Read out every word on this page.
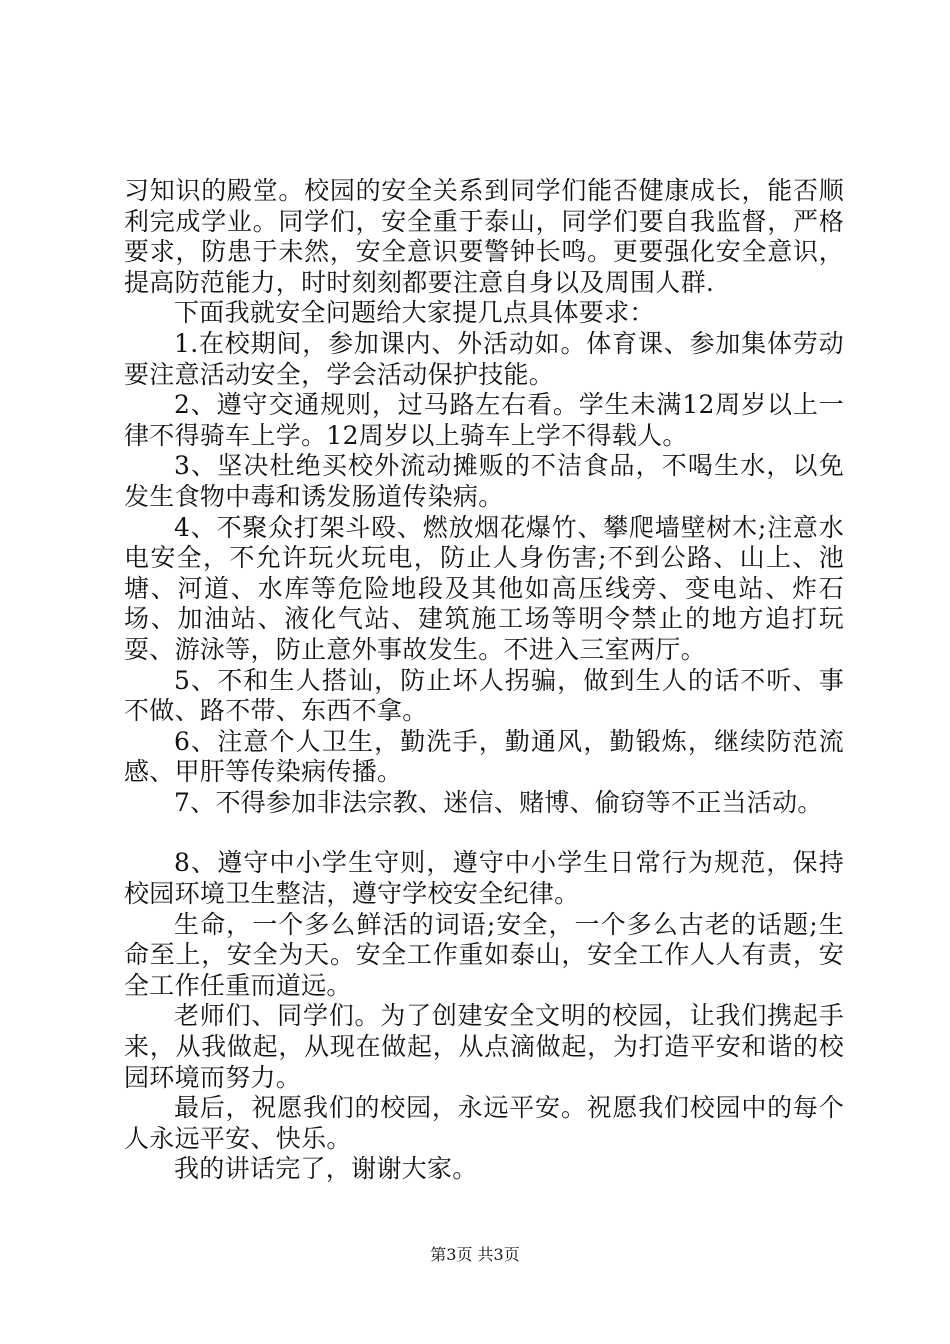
习知识的殿堂。校园的安全关系到同学们能否健康成长，能否顺利完成学业。同学们，安全重于泰山，同学们要自我监督，严格要求，防患于未然，安全意识要警钟长鸣。更要强化安全意识，提高防范能力，时时刻刻都要注意自身以及周围人群.

下面我就安全问题给大家提几点具体要求：

1.在校期间，参加课内、外活动如。体育课、参加集体劳动要注意活动安全，学会活动保护技能。

2、遵守交通规则，过马路左右看。学生未满12周岁以上一律不得骑车上学。12周岁以上骑车上学不得载人。

3、坚决杜绝买校外流动摊贩的不洁食品，不喝生水，以免发生食物中毒和诱发肠道传染病。

4、不聚众打架斗殴、燃放烟花爆竹、攀爬墙壁树木;注意水电安全，不允许玩火玩电，防止人身伤害;不到公路、山上、池塘、河道、水库等危险地段及其他如高压线旁、变电站、炸石场、加油站、液化气站、建筑施工场等明令禁止的地方追打玩耍、游泳等，防止意外事故发生。不进入三室两厅。

5、不和生人搭讪，防止坏人拐骗，做到生人的话不听、事不做、路不带、东西不拿。

6、注意个人卫生，勤洗手，勤通风，勤锻炼，继续防范流感、甲肝等传染病传播。

7、不得参加非法宗教、迷信、赌博、偷窃等不正当活动。

8、遵守中小学生守则，遵守中小学生日常行为规范，保持校园环境卫生整洁，遵守学校安全纪律。

生命，一个多么鲜活的词语;安全，一个多么古老的话题;生命至上，安全为天。安全工作重如泰山，安全工作人人有责，安全工作任重而道远。

老师们、同学们。为了创建安全文明的校园，让我们携起手来，从我做起，从现在做起，从点滴做起，为打造平安和谐的校园环境而努力。

最后，祝愿我们的校园，永远平安。祝愿我们校园中的每个人永远平安、快乐。

我的讲话完了，谢谢大家。

第3页 共3页
